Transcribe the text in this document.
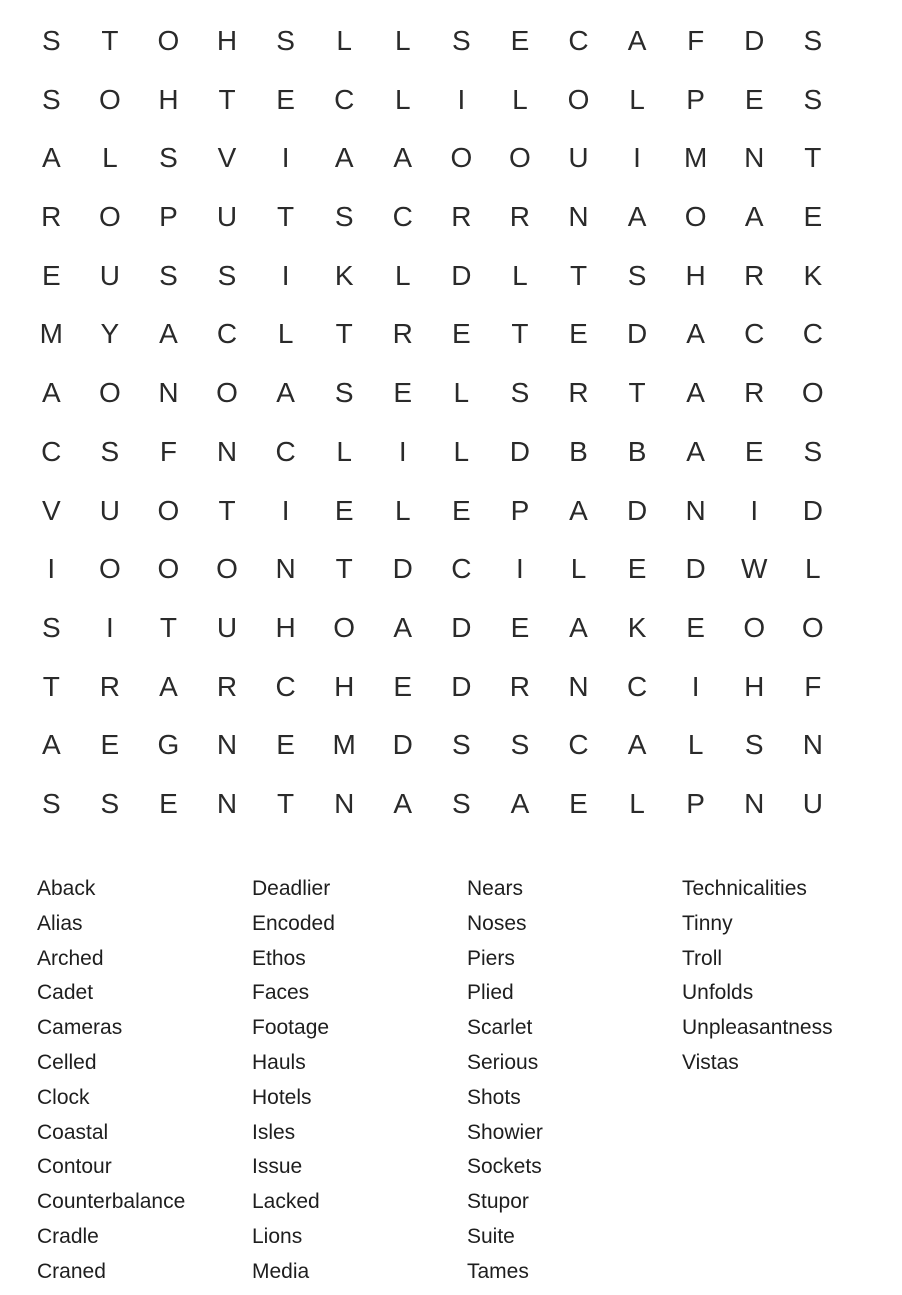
S	T	O	H	S	L	L	S	E	C	A	F	D	S
S	O	H	T	E	C	L	I	L	O	L	P	E	S
A	L	S	V	I	A	A	O	O	U	I	M	N	T
R	O	P	U	T	S	C	R	R	N	A	O	A	E
E	U	S	S	I	K	L	D	L	T	S	H	R	K
M	Y	A	C	L	T	R	E	T	E	D	A	C	C
A	O	N	O	A	S	E	L	S	R	T	A	R	O
C	S	F	N	C	L	I	L	D	B	B	A	E	S
V	U	O	T	I	E	L	E	P	A	D	N	I	D
I	O	O	O	N	T	D	C	I	L	E	D	W	L
S	I	T	U	H	O	A	D	E	A	K	E	O	O
T	R	A	R	C	H	E	D	R	N	C	I	H	F
A	E	G	N	E	M	D	S	S	C	A	L	S	N
S	S	E	N	T	N	A	S	A	E	L	P	N	U
Aback
Alias
Arched
Cadet
Cameras
Celled
Clock
Coastal
Contour
Counterbalance
Cradle
Craned
Deadlier
Encoded
Ethos
Faces
Footage
Hauls
Hotels
Isles
Issue
Lacked
Lions
Media
Nears
Noses
Piers
Plied
Scarlet
Serious
Shots
Showier
Sockets
Stupor
Suite
Tames
Technicalities
Tinny
Troll
Unfolds
Unpleasantness
Vistas
